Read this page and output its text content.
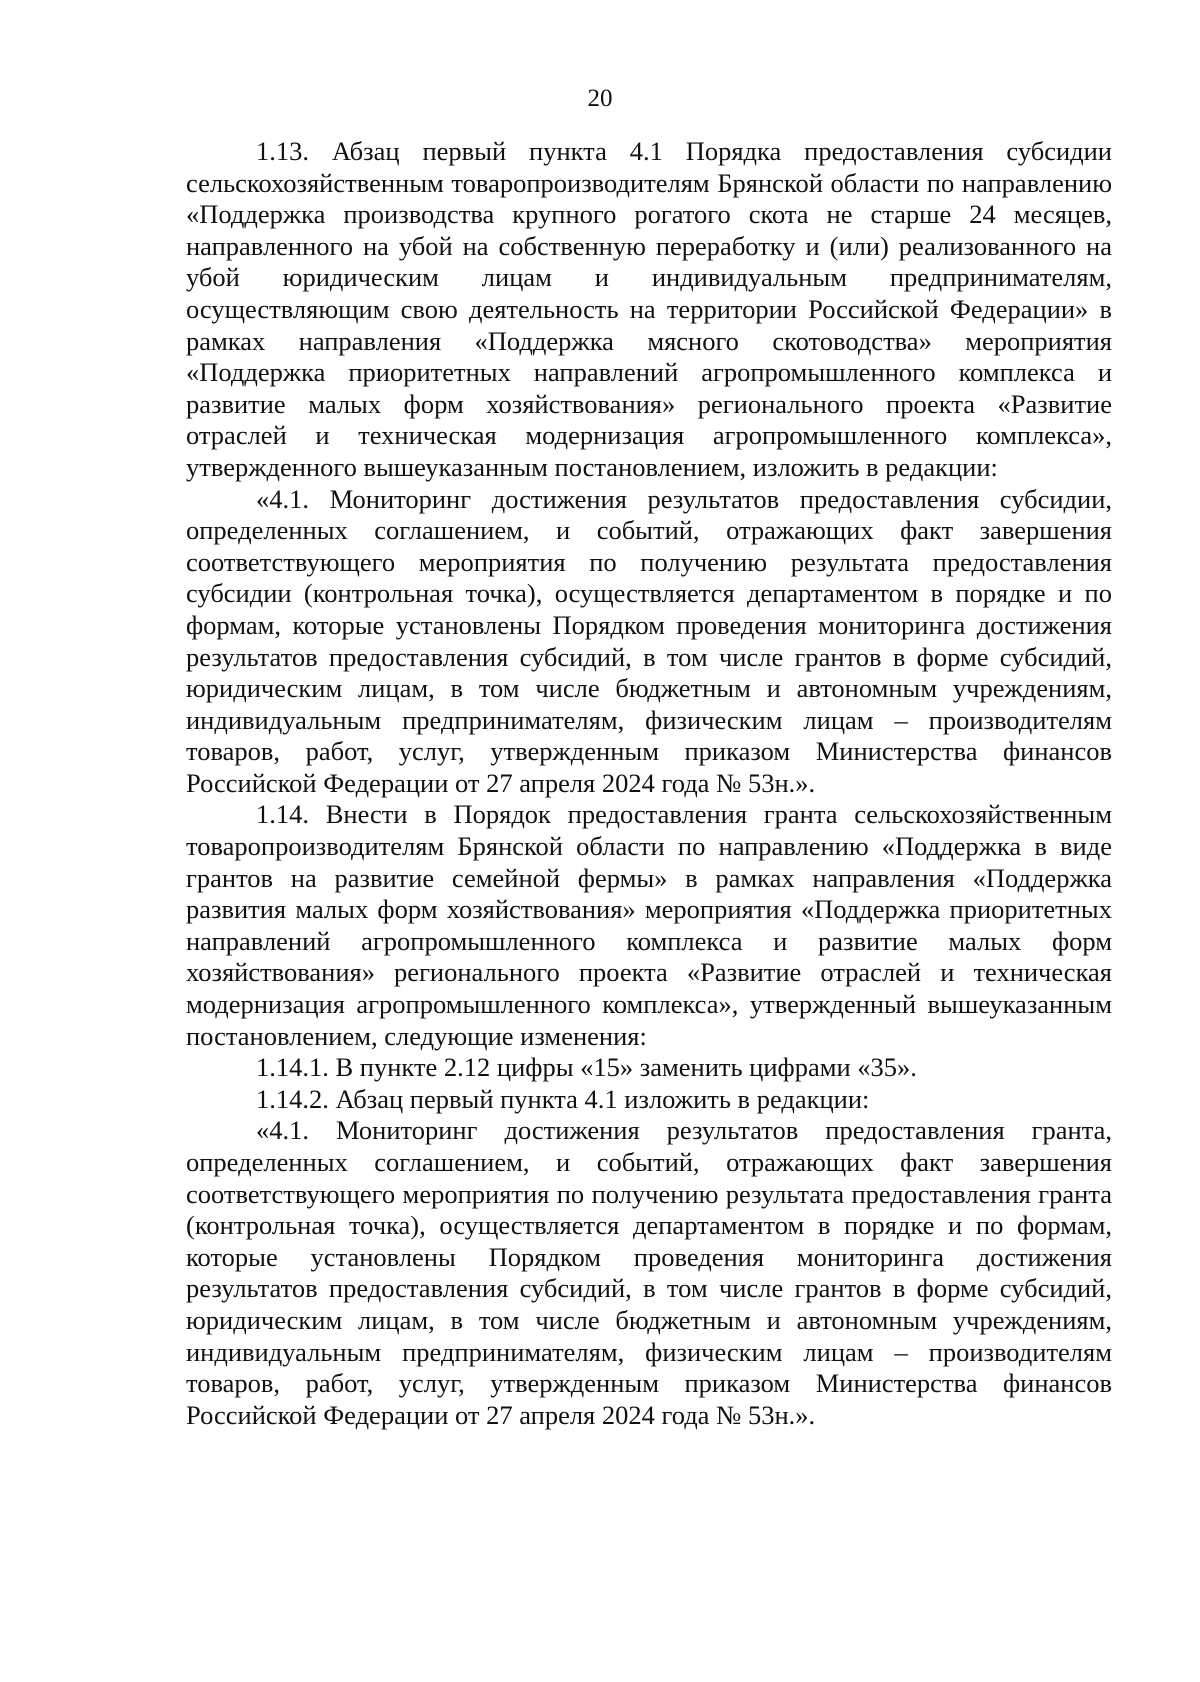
20

1.13. Абзац первый пункта 4.1 Порядка предоставления субсидии сельскохозяйственным товаропроизводителям Брянской области по направлению «Поддержка производства крупного рогатого скота не старше 24 месяцев, направленного на убой на собственную переработку и (или) реализованного на убой юридическим лицам и индивидуальным предпринимателям, осуществляющим свою деятельность на территории Российской Федерации» в рамках направления «Поддержка мясного скотоводства» мероприятия «Поддержка приоритетных направлений агропромышленного комплекса и развитие малых форм хозяйствования» регионального проекта «Развитие отраслей и техническая модернизация агропромышленного комплекса», утвержденного вышеуказанным постановлением, изложить в редакции:

«4.1. Мониторинг достижения результатов предоставления субсидии, определенных соглашением, и событий, отражающих факт завершения соответствующего мероприятия по получению результата предоставления субсидии (контрольная точка), осуществляется департаментом в порядке и по формам, которые установлены Порядком проведения мониторинга достижения результатов предоставления субсидий, в том числе грантов в форме субсидий, юридическим лицам, в том числе бюджетным и автономным учреждениям, индивидуальным предпринимателям, физическим лицам – производителям товаров, работ, услуг, утвержденным приказом Министерства финансов Российской Федерации от 27 апреля 2024 года № 53н.».

1.14. Внести в Порядок предоставления гранта сельскохозяйственным товаропроизводителям Брянской области по направлению «Поддержка в виде грантов на развитие семейной фермы» в рамках направления «Поддержка развития малых форм хозяйствования» мероприятия «Поддержка приоритетных направлений агропромышленного комплекса и развитие малых форм хозяйствования» регионального проекта «Развитие отраслей и техническая модернизация агропромышленного комплекса», утвержденный вышеуказанным постановлением, следующие изменения:

1.14.1. В пункте 2.12 цифры «15» заменить цифрами «35».

1.14.2. Абзац первый пункта 4.1 изложить в редакции:

«4.1. Мониторинг достижения результатов предоставления гранта, определенных соглашением, и событий, отражающих факт завершения соответствующего мероприятия по получению результата предоставления гранта (контрольная точка), осуществляется департаментом в порядке и по формам, которые установлены Порядком проведения мониторинга достижения результатов предоставления субсидий, в том числе грантов в форме субсидий, юридическим лицам, в том числе бюджетным и автономным учреждениям, индивидуальным предпринимателям, физическим лицам – производителям товаров, работ, услуг, утвержденным приказом Министерства финансов Российской Федерации от 27 апреля 2024 года № 53н.».
